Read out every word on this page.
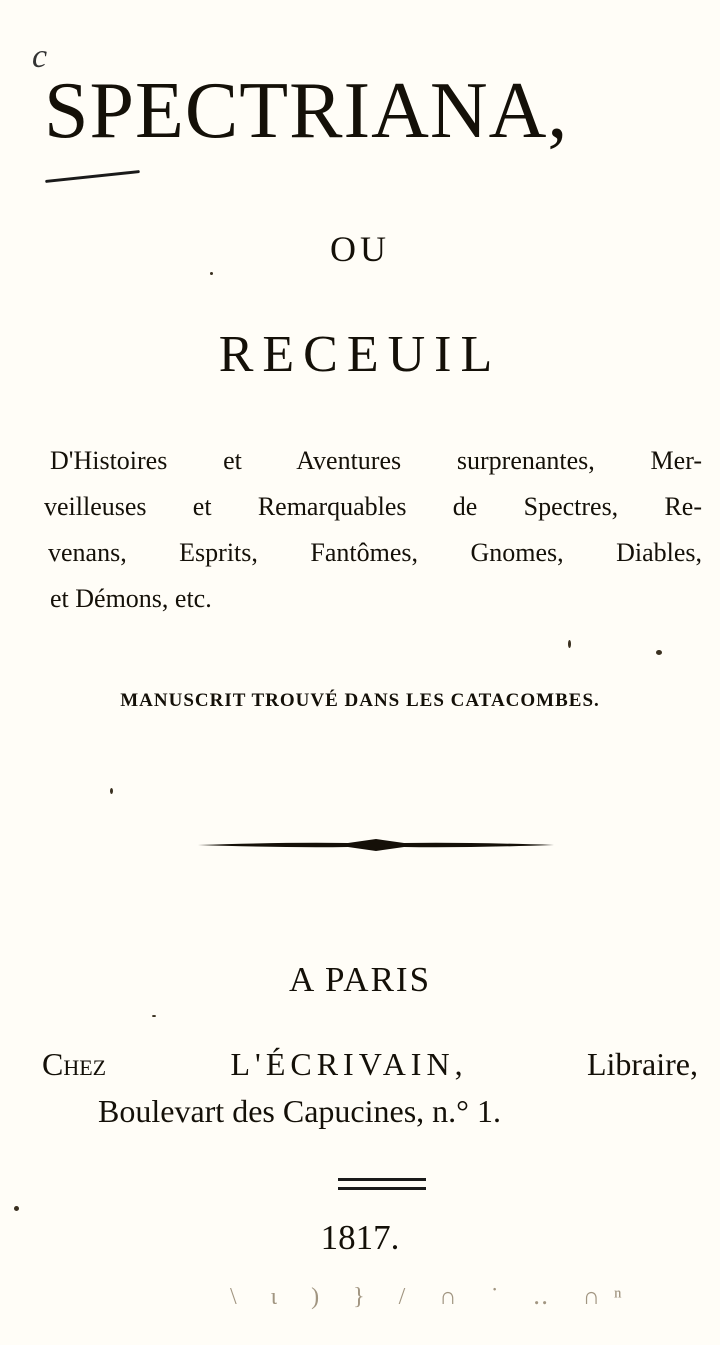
c
SPECTRIANA,
OU
RECEUIL
D'Histoires et Aventures surprenantes, Mer-
veilleuses et Remarquables de Spectres, Re-
venans, Esprits, Fantômes, Gnomes, Diables,
et Démons, etc.
MANUSCRIT TROUVÉ DANS LES CATACOMBES.
A PARIS
Chez	L'ÉCRIVAIN, Libraire,
Boulevart des Capucines, n.° 1.
1817.
\ ι ) } / ∩ ˙ ‥ ∩ⁿ
